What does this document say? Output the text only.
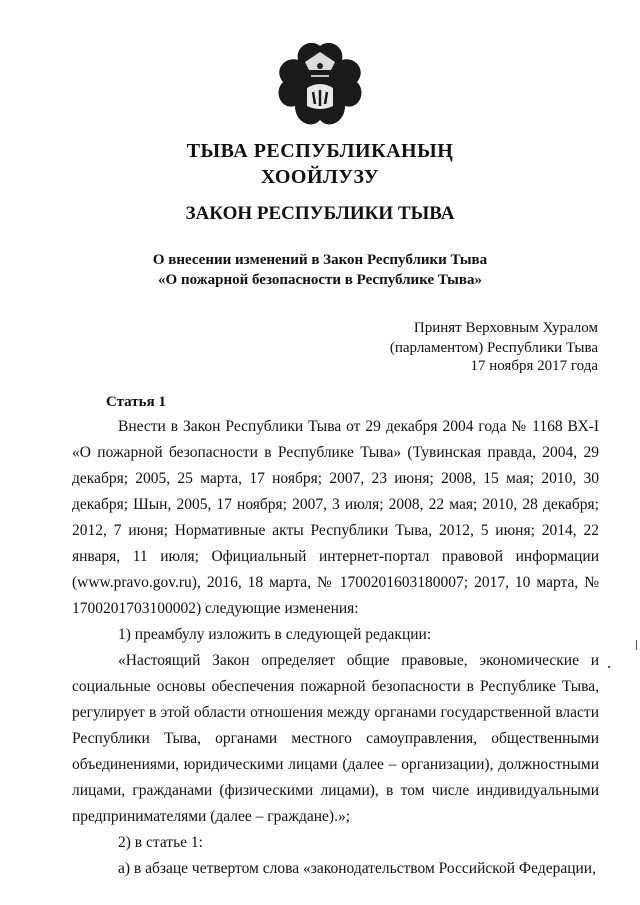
ТЫВА РЕСПУБЛИКАНЫҢ
ХООЙЛУЗУ
ЗАКОН РЕСПУБЛИКИ ТЫВА
О внесении изменений в Закон Республики Тыва
«О пожарной безопасности в Республике Тыва»

Принят Верховным Хуралом

(парламентом) Республики Тыва

17 ноября 2017 года

Статья 1

Внести в Закон Республики Тыва от 29 декабря 2004 года № 1168 ВХ-I «О пожарной безопасности в Республике Тыва» (Тувинская правда, 2004, 29 декабря; 2005, 25 марта, 17 ноября; 2007, 23 июня; 2008, 15 мая; 2010, 30 декабря; Шын, 2005, 17 ноября; 2007, 3 июля; 2008, 22 мая; 2010, 28 декабря; 2012, 7 июня; Нормативные акты Республики Тыва, 2012, 5 июня; 2014, 22 января, 11 июля; Официальный интернет-портал правовой информации (www.pravo.gov.ru), 2016, 18 марта, № 1700201603180007; 2017, 10 марта, № 1700201703100002) следующие изменения:

1) преамбулу изложить в следующей редакции:

«Настоящий Закон определяет общие правовые, экономические и социальные основы обеспечения пожарной безопасности в Республике Тыва, регулирует в этой области отношения между органами государственной власти Республики Тыва, органами местного самоуправления, общественными объединениями, юридическими лицами (далее – организации), должностными лицами, гражданами (физическими лицами), в том числе индивидуальными предпринимателями (далее – граждане).»;

2) в статье 1:

а) в абзаце четвертом слова «законодательством Российской Федерации,
